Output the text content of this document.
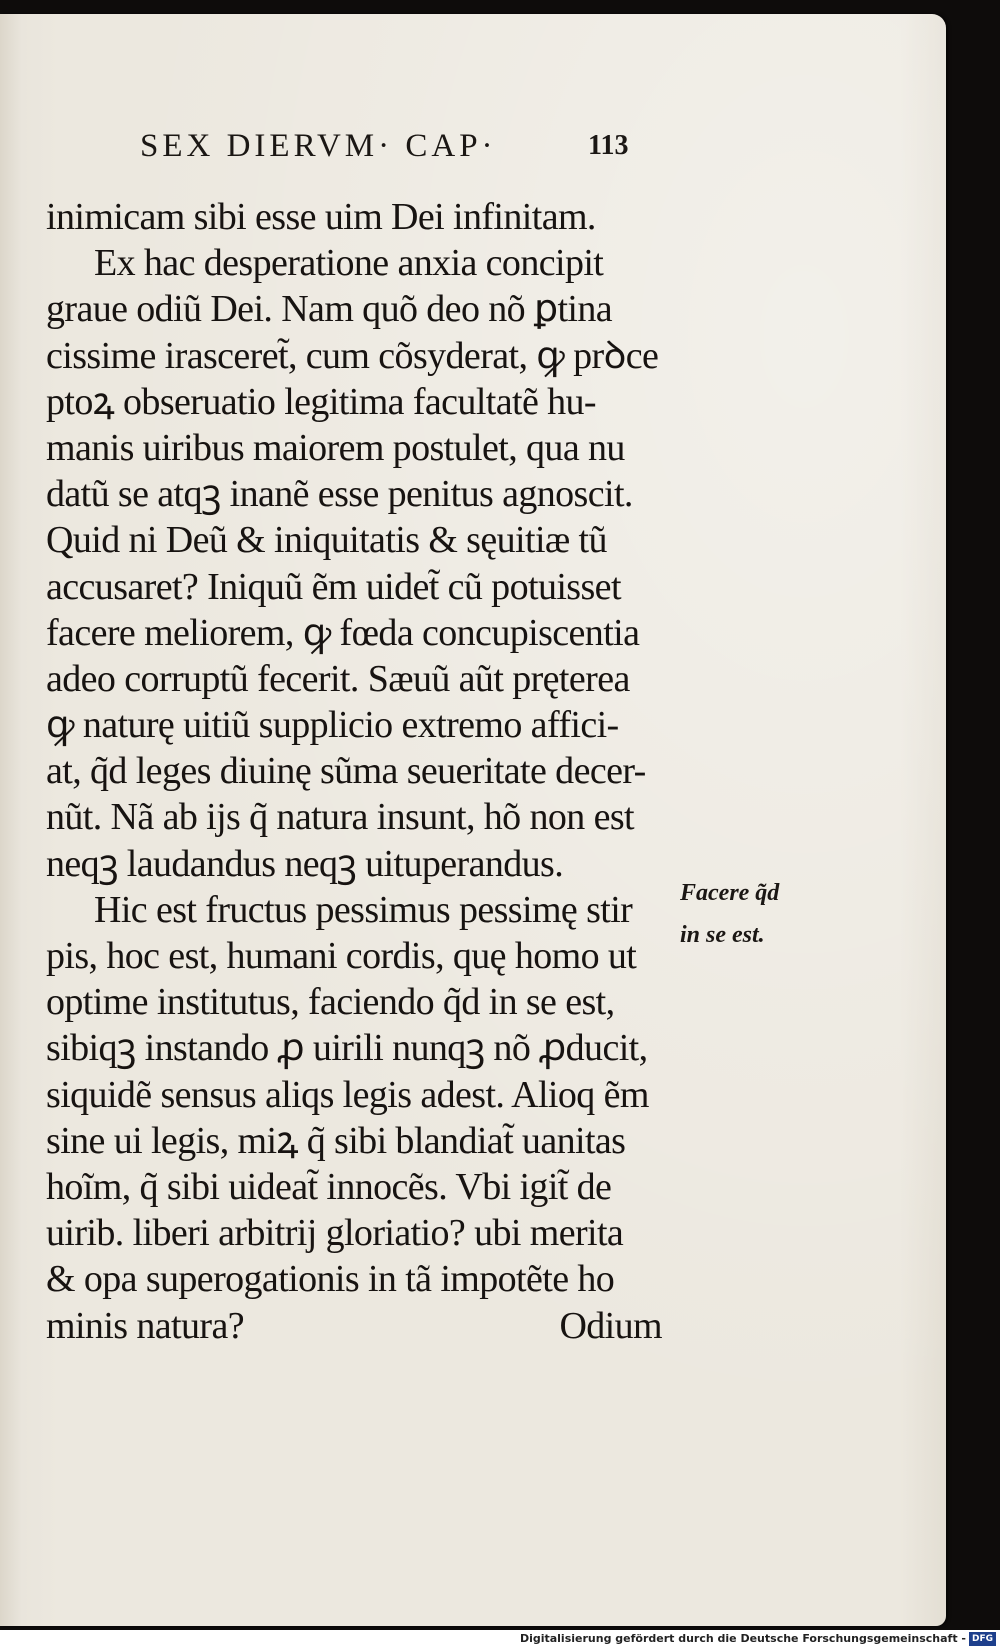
SEX DIERVM· CAP·	113
inimicam sibi esse uim Dei infinitam.
Ex hac desperatione anxia concipit
graue odiũ Dei. Nam quõ deo nõ ꝑtina
cissime irasceret̃, cum cõsyderat, ꝙ prꝺce
ptoꝝ obseruatio legitima facultatẽ hu-
manis uiribus maiorem postulet, qua nu
datũ se atqꝫ inanẽ esse penitus agnoscit.
Quid ni Deũ & iniquitatis & sęuitiæ tũ
accusaret? Iniquũ ẽm uidet̃ cũ potuisset
facere meliorem, ꝙ fœda concupiscentia
adeo corruptũ fecerit. Sæuũ aũt pręterea
ꝙ naturę uitiũ supplicio extremo affici-
at, q̃d leges diuinę sũma seueritate decer-
nũt. Nã ab ijs q̃ natura insunt, hõ non est
neqꝫ laudandus neqꝫ uituperandus.
Hic est fructus pessimus pessimę stir
pis, hoc est, humani cordis, quę homo ut
optime institutus, faciendo q̃d in se est,
sibiqꝫ instando ꝓ uirili nunqꝫ nõ ꝓducit,
siquidẽ sensus aliqs legis adest. Alioq ẽm
sine ui legis, miꝝ q̃ sibi blandiat̃ uanitas
hoĩm, q̃ sibi uideat̃ innocẽs. Vbi igit̃ de
uirib. liberi arbitrij gloriatio? ubi merita
& opa superogationis in tã impotẽte ho
minis natura?	Odium
Facere q̃d
in se est.
Digitalisierung gefördert durch die Deutsche Forschungsgemeinschaft - DFG
